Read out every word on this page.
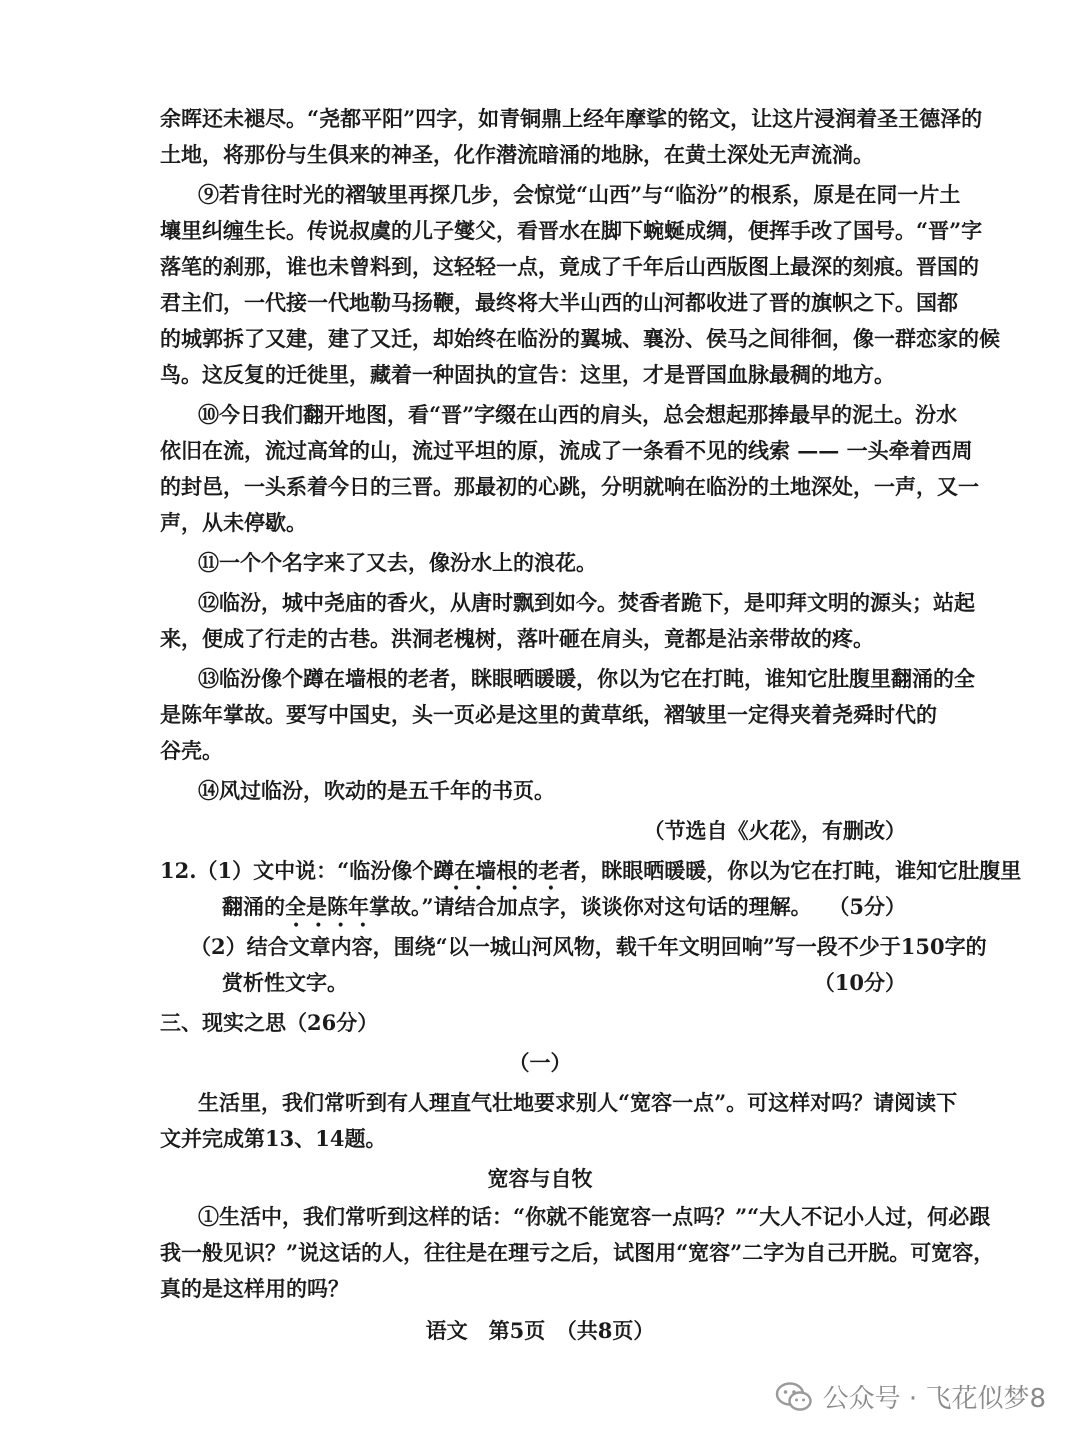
余晖还未褪尽。“尧都平阳”四字，如青铜鼎上经年摩挲的铭文，让这片浸润着圣王德泽的
土地，将那份与生俱来的神圣，化作潜流暗涌的地脉，在黄土深处无声流淌。
⑨若肯往时光的褶皱里再探几步，会惊觉“山西”与“临汾”的根系，原是在同一片土
壤里纠缠生长。传说叔虞的儿子燮父，看晋水在脚下蜿蜒成绸，便挥手改了国号。“晋”字
落笔的刹那，谁也未曾料到，这轻轻一点，竟成了千年后山西版图上最深的刻痕。晋国的
君主们，一代接一代地勒马扬鞭，最终将大半山西的山河都收进了晋的旗帜之下。国都
的城郭拆了又建，建了又迁，却始终在临汾的翼城、襄汾、侯马之间徘徊，像一群恋家的候
鸟。这反复的迁徙里，藏着一种固执的宣告：这里，才是晋国血脉最稠的地方。
⑩今日我们翻开地图，看“晋”字缀在山西的肩头，总会想起那捧最早的泥土。汾水
依旧在流，流过高耸的山，流过平坦的原，流成了一条看不见的线索 —— 一头牵着西周
的封邑，一头系着今日的三晋。那最初的心跳，分明就响在临汾的土地深处，一声，又一
声，从未停歇。
⑪一个个名字来了又去，像汾水上的浪花。
⑫临汾，城中尧庙的香火，从唐时飘到如今。焚香者跪下，是叩拜文明的源头；站起
来，便成了行走的古巷。洪洞老槐树，落叶砸在肩头，竟都是沾亲带故的疼。
⑬临汾像个蹲在墙根的老者，眯眼晒暖暖，你以为它在打盹，谁知它肚腹里翻涌的全
是陈年掌故。要写中国史，头一页必是这里的黄草纸，褶皱里一定得夹着尧舜时代的
谷壳。
⑭风过临汾，吹动的是五千年的书页。
（节选自《火花》，有删改）
12.（1）文中说：“临汾像个蹲在墙根的老者，眯眼晒暖暖，你以为它在打盹，谁知它肚腹里
•　•　　•　　•
翻涌的全是陈年掌故。”请结合加点字，谈谈你对这句话的理解。 （5分）
•　•　•　•
（2）结合文章内容，围绕“以一城山河风物，载千年文明回响”写一段不少于150字的
赏析性文字。	（10分）
三、现实之思（26分）
（一）
生活里，我们常听到有人理直气壮地要求别人“宽容一点”。可这样对吗？请阅读下
文并完成第13、14题。
宽容与自牧
①生活中，我们常听到这样的话：“你就不能宽容一点吗？”“大人不记小人过，何必跟
我一般见识？”说这话的人，往往是在理亏之后，试图用“宽容”二字为自己开脱。可宽容，
真的是这样用的吗？
语文　第5页　（共8页）
公众号 · 飞花似梦8
